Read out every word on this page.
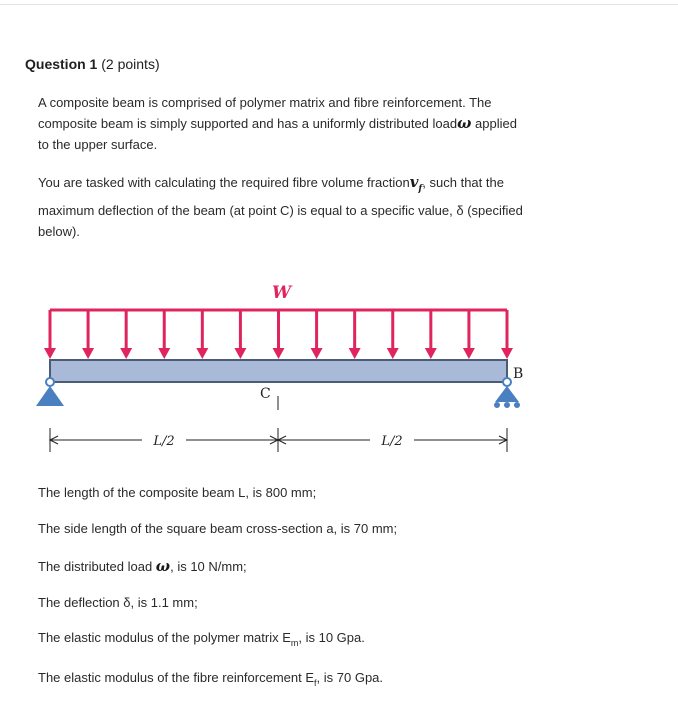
Question 1 (2 points)
A composite beam is comprised of polymer matrix and fibre reinforcement. The
composite beam is simply supported and has a uniformly distributed loadω applied
to the upper surface.
You are tasked with calculating the required fibre volume fractionv$_f$, such that the
maximum deflection of the beam (at point C) is equal to a specific value, δ (specified
below).
W
B
C
L/2	L/2
The length of the composite beam L, is 800 mm;
The side length of the square beam cross-section a, is 70 mm;
The distributed load ω, is 10 N/mm;
The deflection δ, is 1.1 mm;
The elastic modulus of the polymer matrix $E_m$, is 10 Gpa.
The elastic modulus of the fibre reinforcement $E_f$, is 70 Gpa.
